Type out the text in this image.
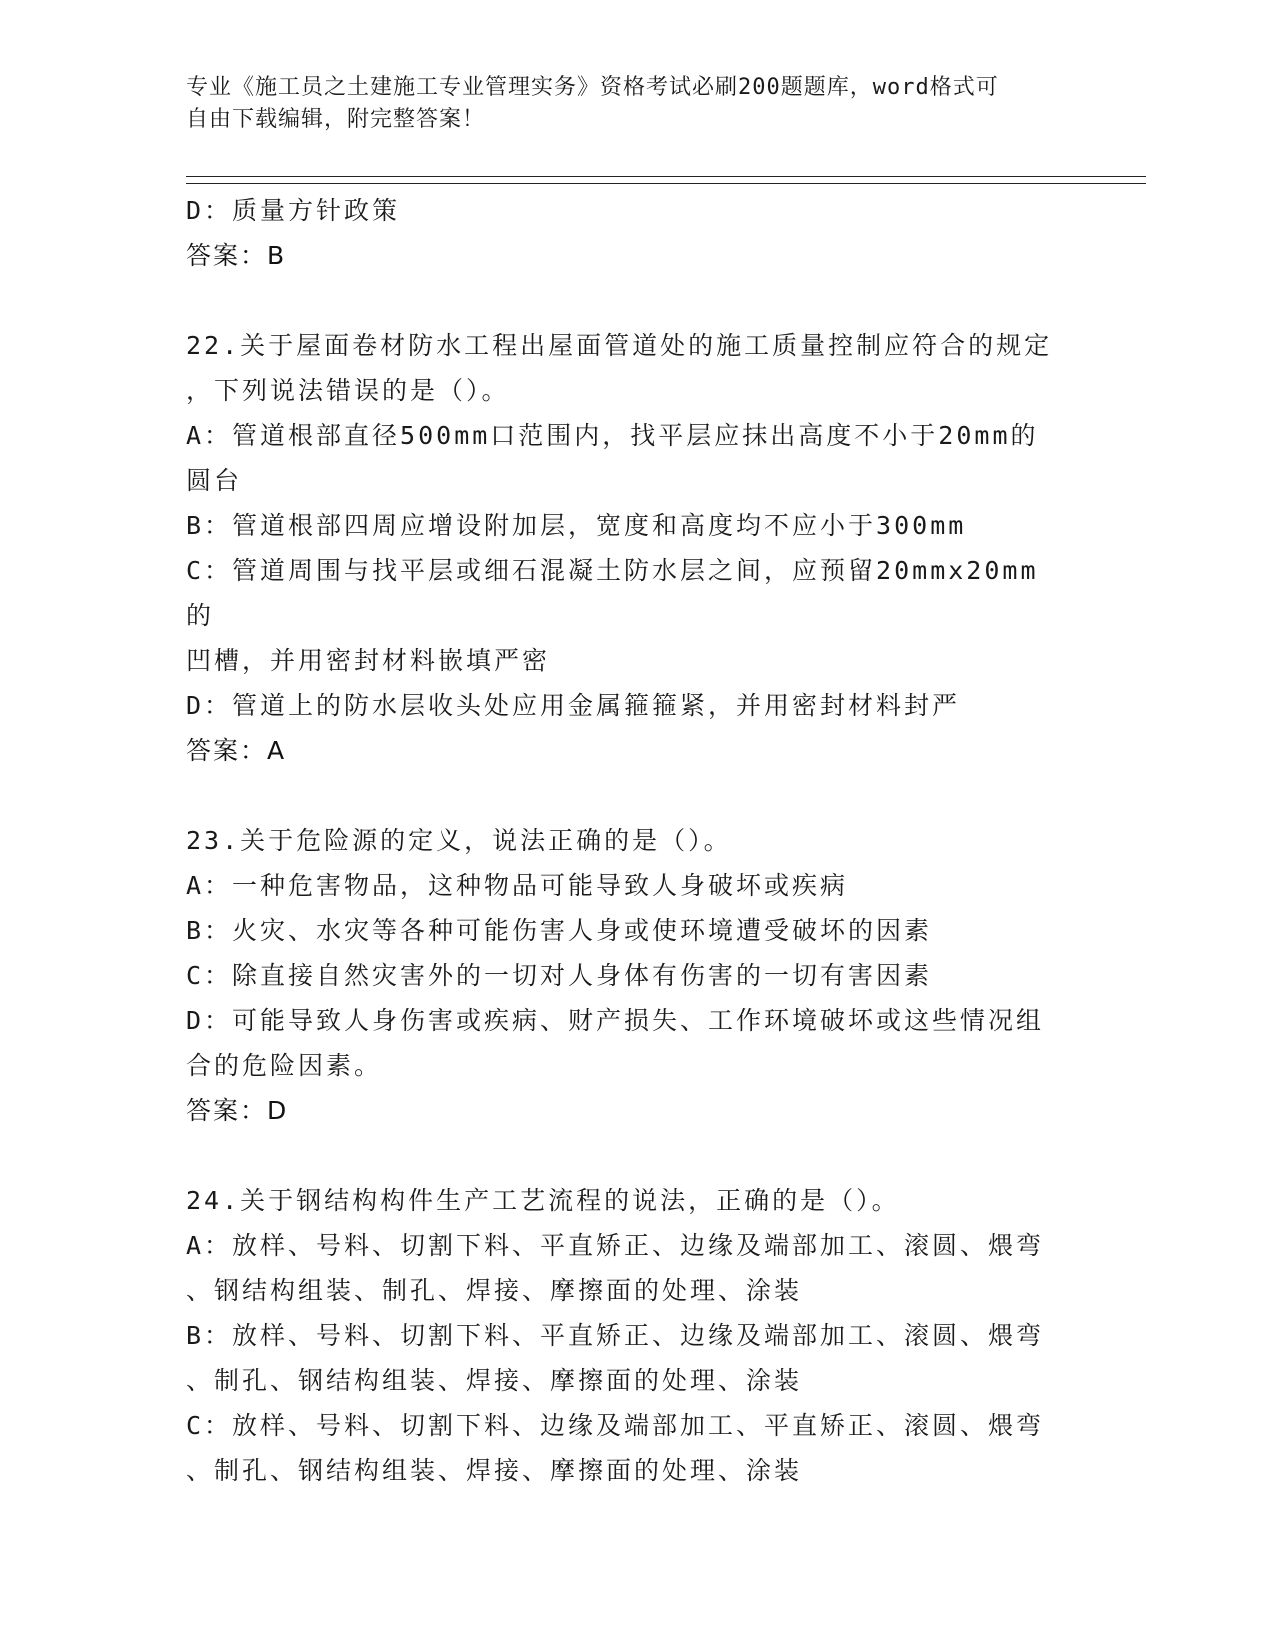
专业《施工员之土建施工专业管理实务》资格考试必刷200题题库，word格式可
自由下载编辑，附完整答案！
D：质量方针政策
答案：B
22.关于屋面卷材防水工程出屋面管道处的施工质量控制应符合的规定
，下列说法错误的是（）。
A：管道根部直径500mm口范围内，找平层应抹出高度不小于20mm的
圆台
B：管道根部四周应增设附加层，宽度和高度均不应小于300mm
C：管道周围与找平层或细石混凝土防水层之间，应预留20mmx20mm的
凹槽，并用密封材料嵌填严密
D：管道上的防水层收头处应用金属箍箍紧，并用密封材料封严
答案：A
23.关于危险源的定义，说法正确的是（）。
A：一种危害物品，这种物品可能导致人身破坏或疾病
B：火灾、水灾等各种可能伤害人身或使环境遭受破坏的因素
C：除直接自然灾害外的一切对人身体有伤害的一切有害因素
D：可能导致人身伤害或疾病、财产损失、工作环境破坏或这些情况组
合的危险因素。
答案：D
24.关于钢结构构件生产工艺流程的说法，正确的是（）。
A：放样、号料、切割下料、平直矫正、边缘及端部加工、滚圆、煨弯
、钢结构组装、制孔、焊接、摩擦面的处理、涂装
B：放样、号料、切割下料、平直矫正、边缘及端部加工、滚圆、煨弯
、制孔、钢结构组装、焊接、摩擦面的处理、涂装
C：放样、号料、切割下料、边缘及端部加工、平直矫正、滚圆、煨弯
、制孔、钢结构组装、焊接、摩擦面的处理、涂装
